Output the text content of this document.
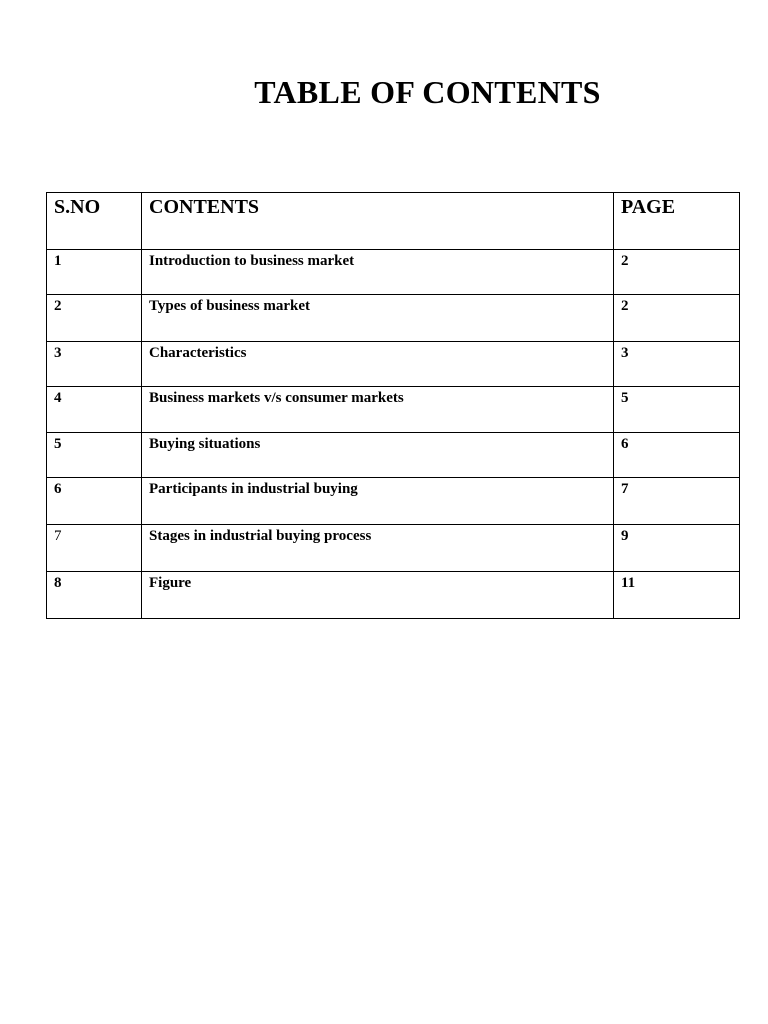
TABLE OF CONTENTS
S.NO	CONTENTS	PAGE
1	Introduction to business market	2
2	Types of business market	2
3	Characteristics	3
4	Business markets v/s consumer markets	5
5	Buying situations	6
6	Participants in industrial buying	7
7	Stages in industrial buying process	9
8	Figure	11
